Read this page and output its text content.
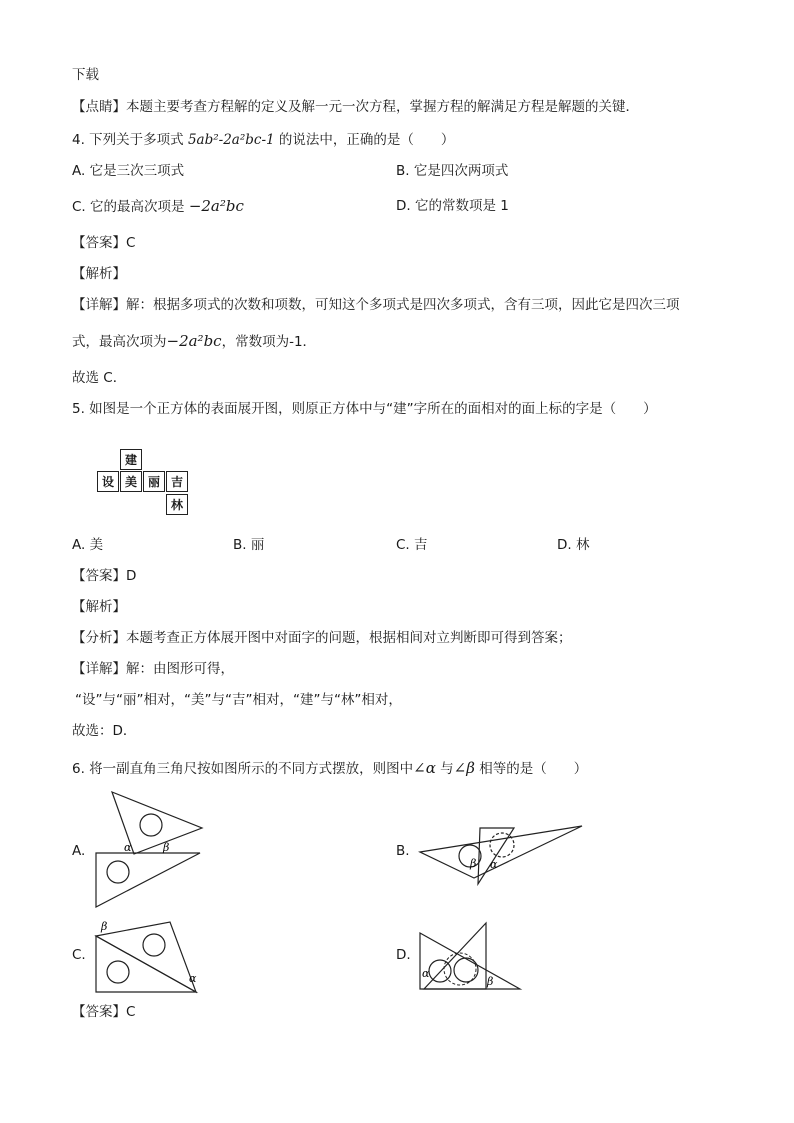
下载
【点睛】本题主要考查方程解的定义及解一元一次方程，掌握方程的解满足方程是解题的关键．
4. 下列关于多项式 5ab²-2a²bc-1 的说法中，正确的是（　　）
A. 它是三次三项式	B. 它是四次两项式
C. 它的最高次项是 −2a²bc	D. 它的常数项是 1
【答案】C
【解析】
【详解】解：根据多项式的次数和项数，可知这个多项式是四次多项式，含有三项，因此它是四次三项
式，最高次项为−2a²bc，常数项为-1．
故选 C．
5. 如图是一个正方体的表面展开图，则原正方体中与“建”字所在的面相对的面上标的字是（　　）
建
设 美 丽 吉
林
A. 美	B. 丽	C. 吉	D. 林
【答案】D
【解析】
【分析】本题考查正方体展开图中对面字的问题，根据相间对立判断即可得到答案；
【详解】解：由图形可得，
“设”与“丽”相对，“美”与“吉”相对，“建”与“林”相对，
故选：D．
6. 将一副直角三角尺按如图所示的不同方式摆放，则图中∠α 与∠β 相等的是（　　）
A.	α	β	B.
β α
C.
β
α
D.
α
β
【答案】C
